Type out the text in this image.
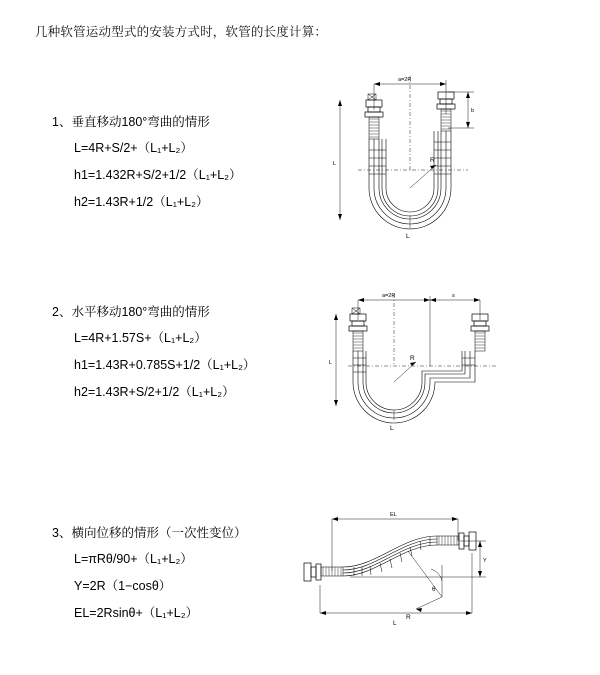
几种软管运动型式的安装方式时，软管的长度计算：
1、垂直移动180°弯曲的情形
L=4R+S/2+（L₁+L₂）
h1=1.432R+S/2+1/2（L₁+L₂）
h2=1.43R+1/2（L₁+L₂）
a=2R
b
L	R
L
2、水平移动180°弯曲的情形
L=4R+1.57S+（L₁+L₂）
h1=1.43R+0.785S+1/2（L₁+L₂）
h2=1.43R+S/2+1/2（L₁+L₂）
a=2R	s
L
R
L
3、横向位移的情形（一次性变位）
L=πRθ/90+（L₁+L₂）
Y=2R（1−cosθ）
EL=2Rsinθ+（L₁+L₂）
EL
Y
θ
R
L
